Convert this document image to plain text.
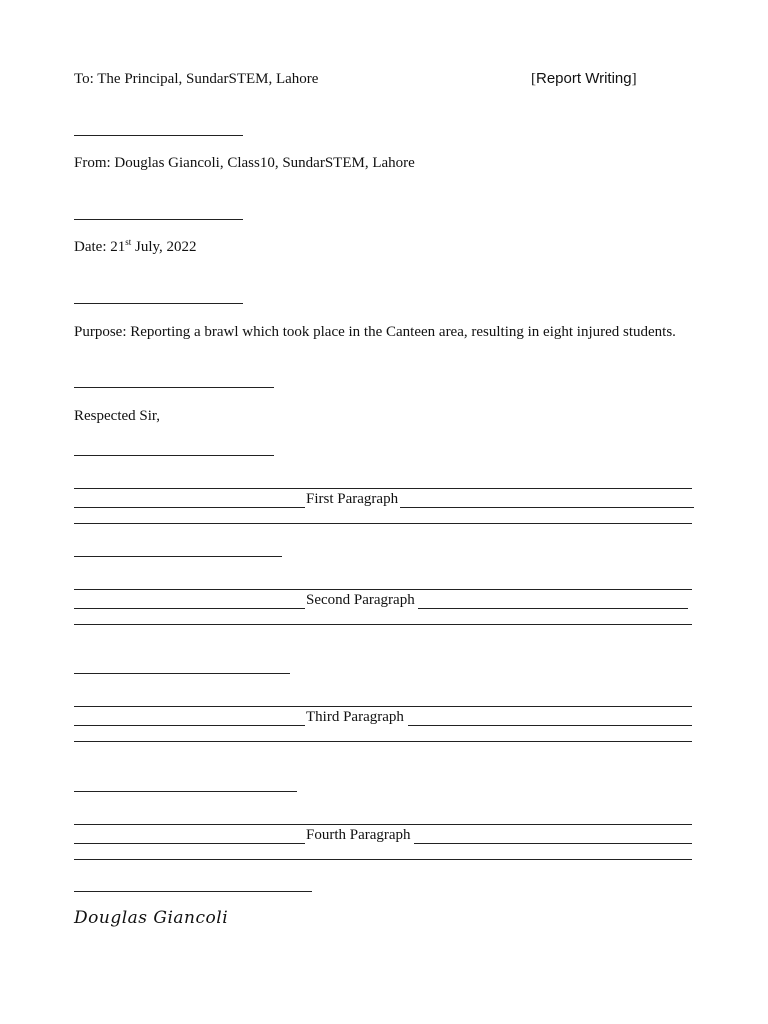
To: The Principal, SundarSTEM, Lahore	[Report Writing]
From: Douglas Giancoli, Class10, SundarSTEM, Lahore
Date: 21st July, 2022
Purpose: Reporting a brawl which took place in the Canteen area, resulting in eight injured students.
Respected Sir,
First Paragraph
Second Paragraph
Third Paragraph
Fourth Paragraph
Douglas Giancoli
